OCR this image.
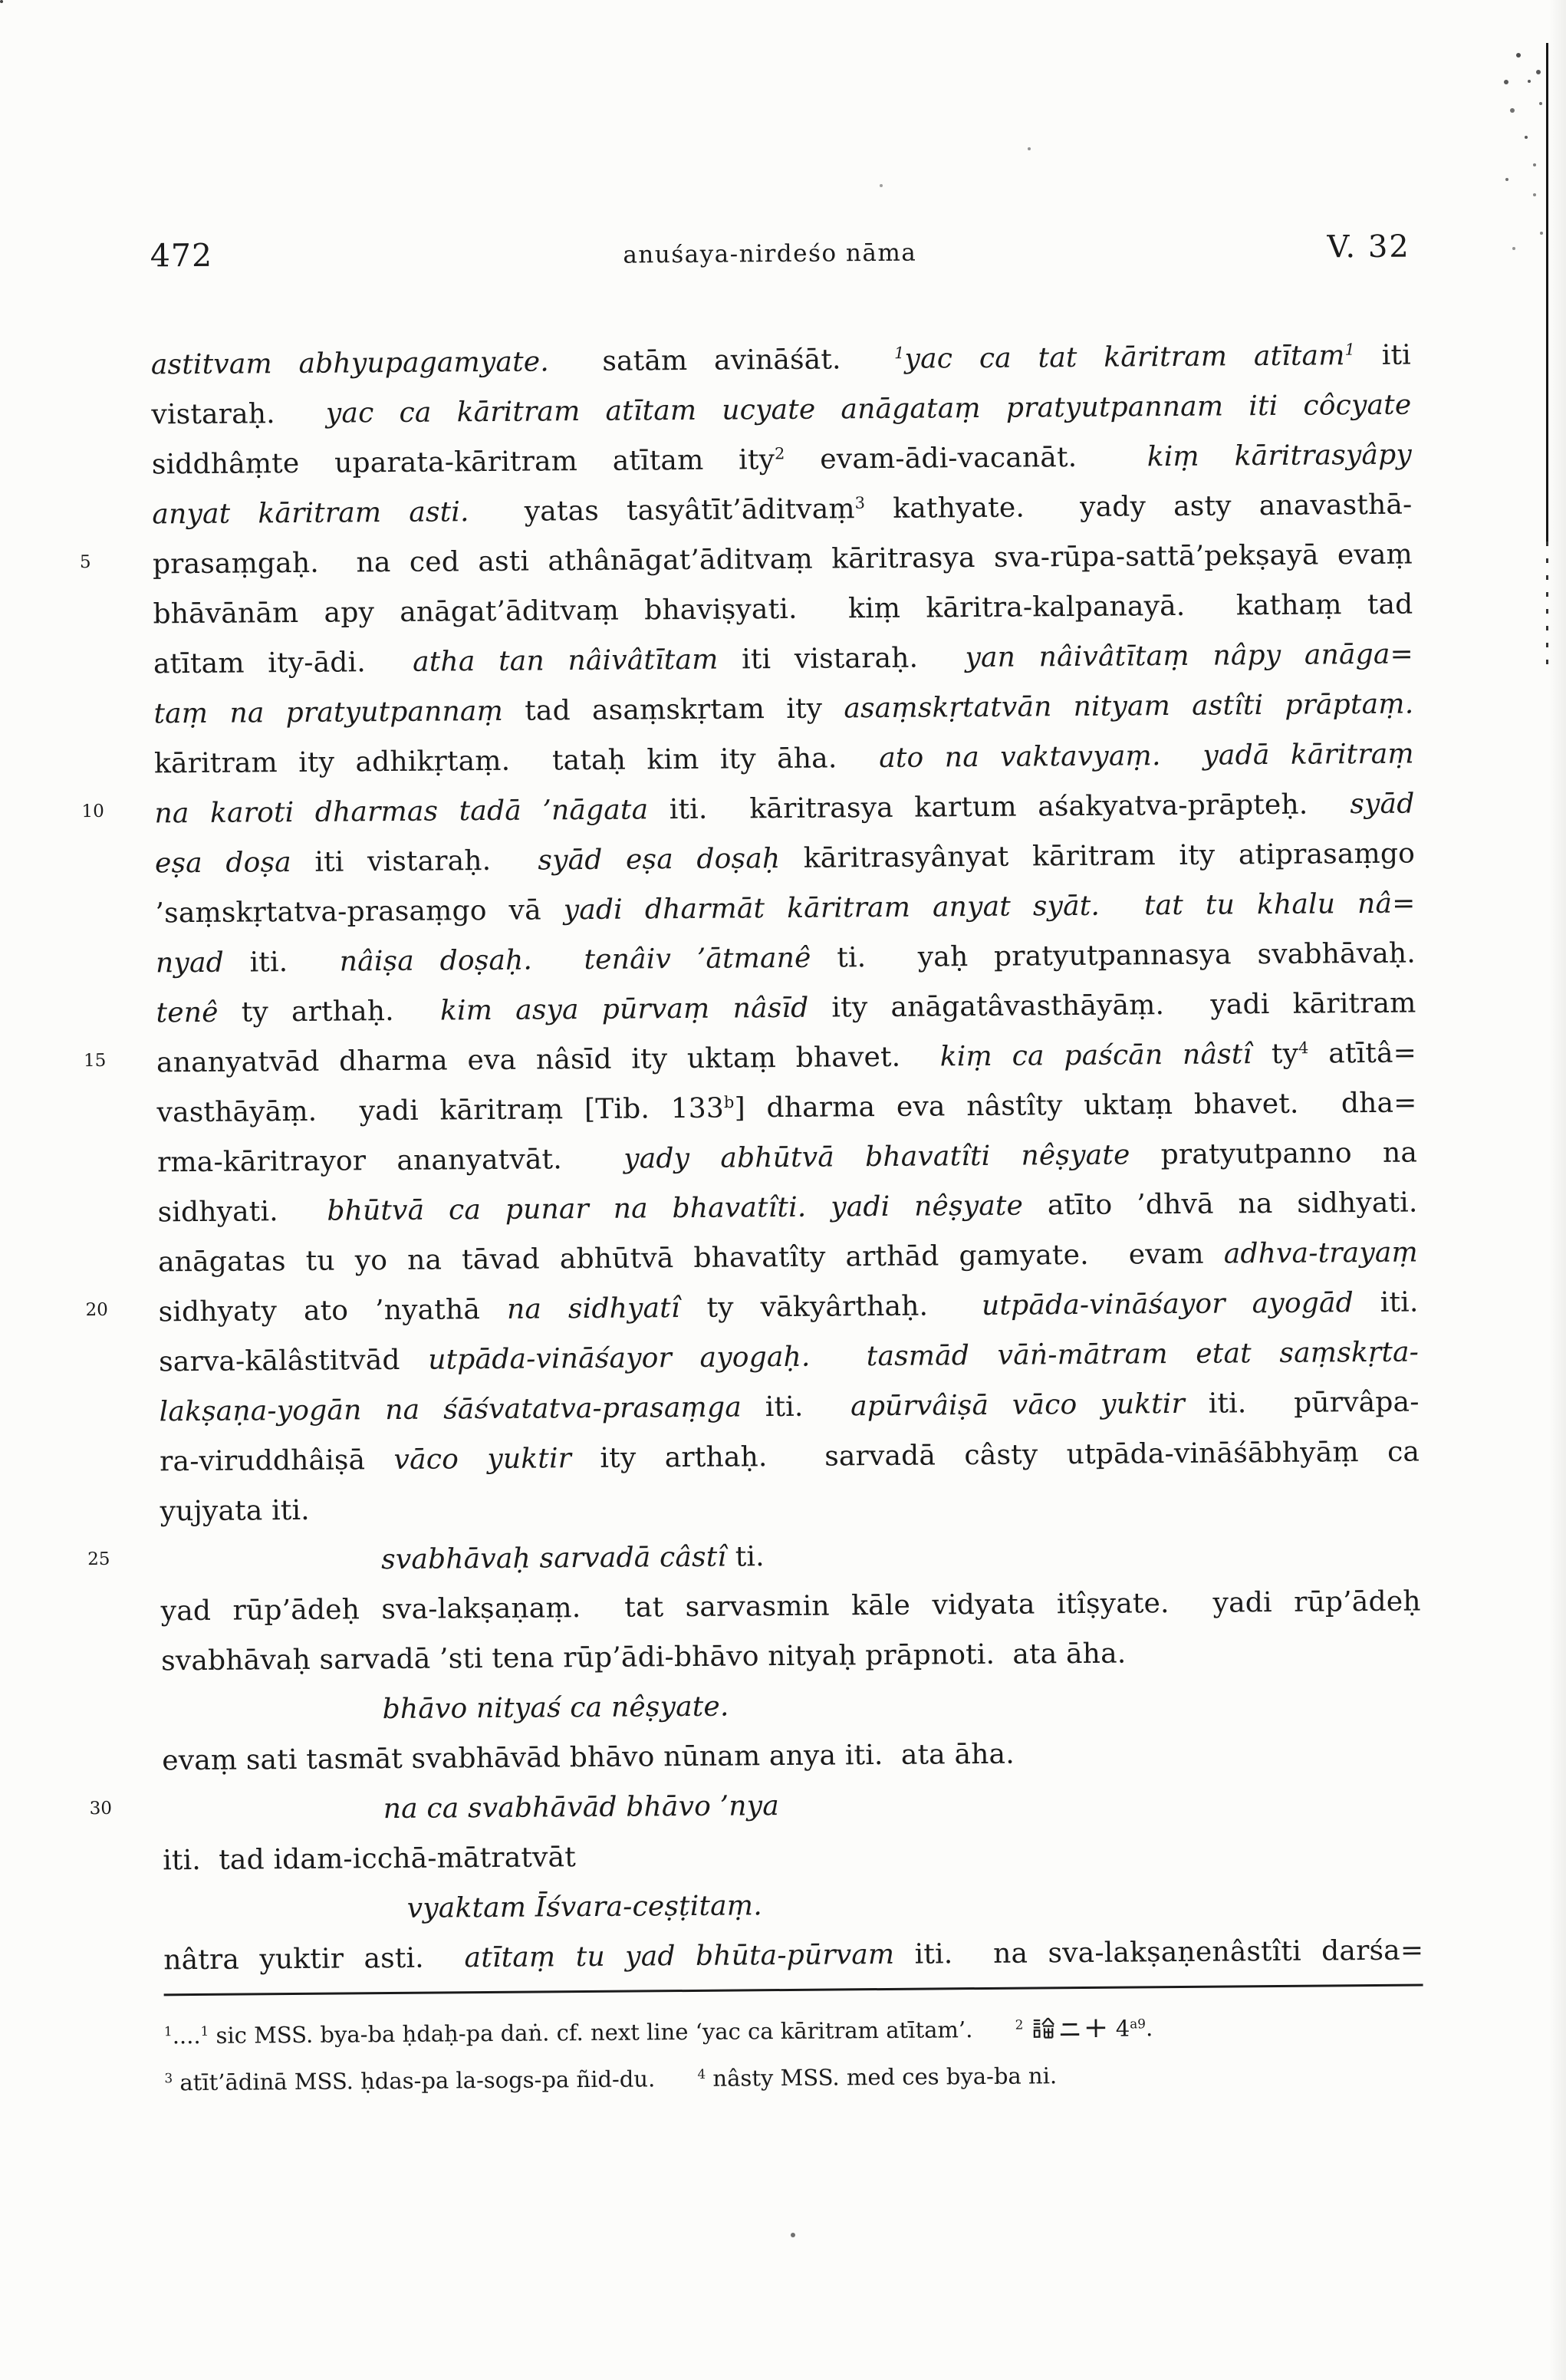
472	anuśaya-nirdeśo nāma	V. 32
astitvam abhyupagamyate.  satām avināśāt.  $^1$yac ca tat kāritram atītam$^1$ iti
vistaraḥ.  yac ca kāritram atītam ucyate anāgataṃ pratyutpannam iti côcyate
siddhâṃte uparata-kāritram atītam ity$^2$ evam-ādi-vacanāt.  kiṃ kāritrasyâpy
anyat kāritram asti.  yatas tasyâtīt’āditvaṃ$^3$ kathyate.  yady asty anavasthā-
5 prasaṃgaḥ.  na ced asti athânāgat’āditvaṃ kāritrasya sva-rūpa-sattā’pekṣayā evaṃ
bhāvānām apy anāgat’āditvaṃ bhaviṣyati.  kiṃ kāritra-kalpanayā.  kathaṃ tad
atītam ity-ādi.  atha tan nâivâtītam iti vistaraḥ.  yan nâivâtītaṃ nâpy anāga=
taṃ na pratyutpannaṃ tad asaṃskṛtam ity asaṃskṛtatvān nityam astîti prāptaṃ.
kāritram ity adhikṛtaṃ.  tataḥ kim ity āha.  ato na vaktavyaṃ.  yadā kāritraṃ
10 na karoti dharmas tadā ’nāgata iti.  kāritrasya kartum aśakyatva-prāpteḥ.  syād
eṣa doṣa iti vistaraḥ.  syād eṣa doṣaḥ kāritrasyânyat kāritram ity atiprasaṃgo
’saṃskṛtatva-prasaṃgo vā yadi dharmāt kāritram anyat syāt.  tat tu khalu nâ=
nyad iti.  nâiṣa doṣaḥ.  tenâiv ’ātmanê ti.  yaḥ pratyutpannasya svabhāvaḥ.
tenê ty arthaḥ.  kim asya pūrvaṃ nâsīd ity anāgatâvasthāyāṃ.  yadi kāritram
15 ananyatvād dharma eva nâsīd ity uktaṃ bhavet.  kiṃ ca paścān nâstî $ty^4$ atītâ=
vasthāyāṃ.  yadi kāritraṃ [Tib. 133$^b$] dharma eva nâstîty uktaṃ bhavet.  dha=
rma-kāritrayor ananyatvāt.  yady abhūtvā bhavatîti nêṣyate pratyutpanno na
sidhyati.  bhūtvā ca punar na bhavatîti. yadi nêṣyate atīto ’dhvā na sidhyati.
anāgatas tu yo na tāvad abhūtvā bhavatîty arthād gamyate.  evam adhva-trayaṃ
20 sidhyaty ato ’nyathā na sidhyatî ty vākyârthaḥ.  utpāda-vināśayor ayogād iti.
sarva-kālâstitvād utpāda-vināśayor ayogaḥ.  tasmād vāṅ-mātram etat saṃskṛta-
lakṣaṇa-yogān na śāśvatatva-prasaṃga iti.  apūrvâiṣā vāco yuktir iti.  pūrvâpa-
ra-viruddhâiṣā vāco yuktir ity arthaḥ.  sarvadā câsty utpāda-vināśābhyāṃ ca
yujyata iti.
25	svabhāvaḥ sarvadā câstî ti.
yad rūp’ādeḥ sva-lakṣaṇaṃ.  tat sarvasmin kāle vidyata itîṣyate.  yadi rūp’ādeḥ
svabhāvaḥ sarvadā ’sti tena rūp’ādi-bhāvo nityaḥ prāpnoti.  ata āha.
bhāvo nityaś ca nêṣyate.
evaṃ sati tasmāt svabhāvād bhāvo nūnam anya iti.  ata āha.
30	na ca svabhāvād bhāvo ’nya
iti.  tad idam-icchā-mātratvāt
vyaktam Īśvara-ceṣṭitaṃ.
nâtra yuktir asti.  atītaṃ tu yad bhūta-pūrvam iti.  na sva-lakṣaṇenâstîti darśa=
$^1$....$^1$ sic MSS. bya-ba ḥdaḥ-pa daṅ. cf. next line ‘yac ca kāritram atītam’.	$^2$	$4^{a9}$.
$^3$ atīt’ādinā MSS. ḥdas-pa la-sogs-pa ñid-du.	$^4$ nâsty MSS. med ces bya-ba ni.
